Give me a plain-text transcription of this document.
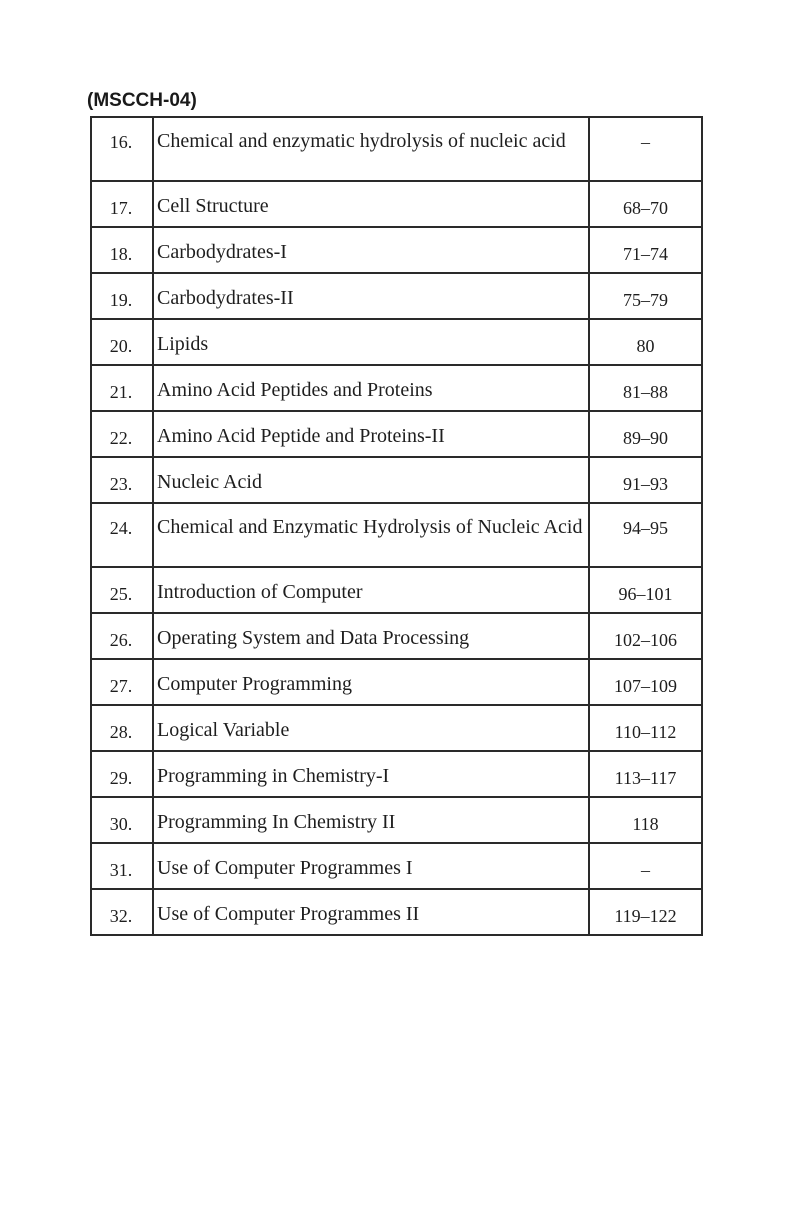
(MSCCH-04)
16.	Chemical and enzymatic hydrolysis of nucleic acid	–
17.	Cell Structure	68–70
18.	Carbodydrates-I	71–74
19.	Carbodydrates-II	75–79
20.	Lipids	80
21.	Amino Acid Peptides and Proteins	81–88
22.	Amino Acid Peptide and Proteins-II	89–90
23.	Nucleic Acid	91–93
24.	Chemical and Enzymatic Hydrolysis of Nucleic Acid	94–95
25.	Introduction of Computer	96–101
26.	Operating System and Data Processing	102–106
27.	Computer Programming	107–109
28.	Logical Variable	110–112
29.	Programming in Chemistry-I	113–117
30.	Programming In Chemistry II	118
31.	Use of Computer Programmes I	–
32.	Use of Computer Programmes II	119–122
